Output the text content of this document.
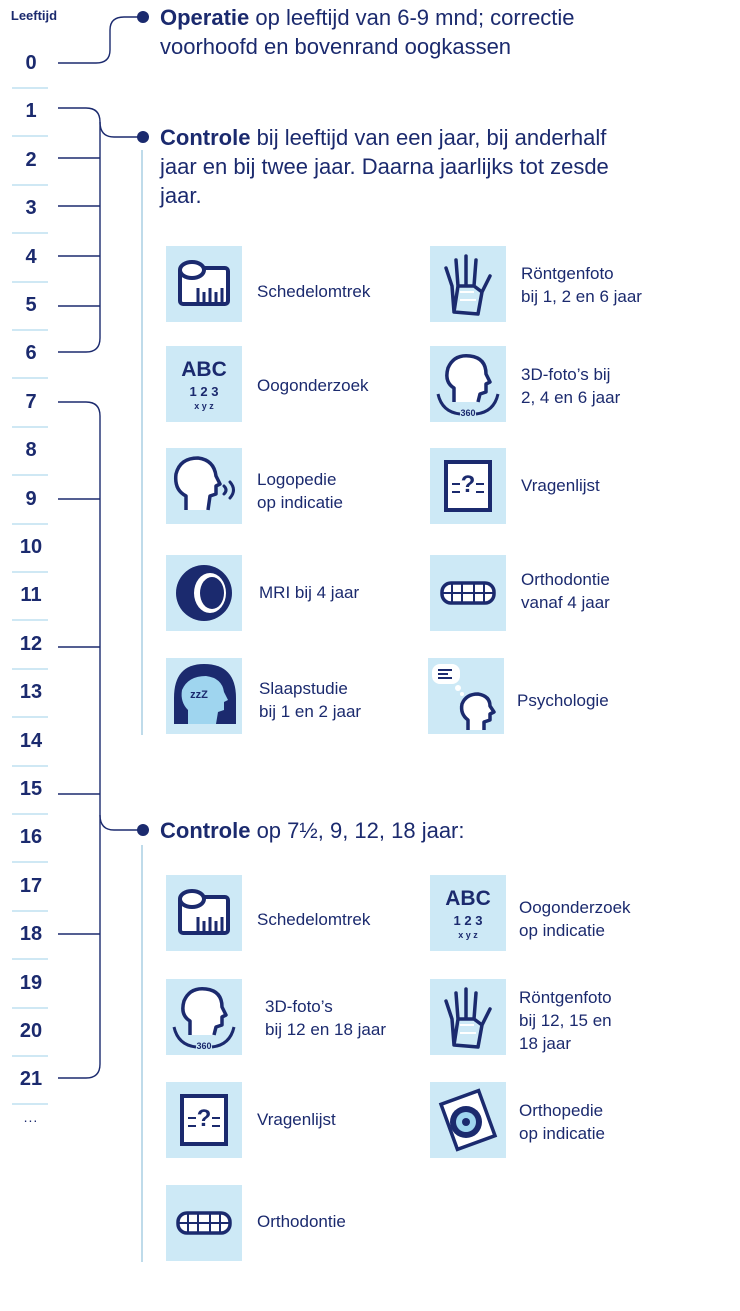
Leeftijd
0
1
2
3
4
5
6
7
8
9
10
11
12
13
14
15
16
17
18
19
20
21
...
Operatie op leeftijd van 6-9 mnd; correctie voorhoofd en bovenrand oogkassen
Controle bij leeftijd van een jaar, bij anderhalf jaar en bij twee jaar. Daarna jaarlijks tot zesde jaar.
Controle op 7½, 9, 12, 18 jaar:
Schedelomtrek
Röntgenfoto
bij 1, 2 en 6 jaar
ABC
1 2 3
x y z
Oogonderzoek
360
3D-foto’s bij
2, 4 en 6 jaar
Logopedie
op indicatie
?	Vragenlijst
MRI bij 4 jaar
Orthodontie
vanaf 4 jaar
zzZ	Slaapstudie
bij 1 en 2 jaar
Psychologie
Schedelomtrek
ABC
1 2 3
x y z
Oogonderzoek
op indicatie
360
3D-foto’s
bij 12 en 18 jaar
Röntgenfoto
bij 12, 15 en
18 jaar
?	Vragenlijst	Orthopedie
op indicatie
Orthodontie
